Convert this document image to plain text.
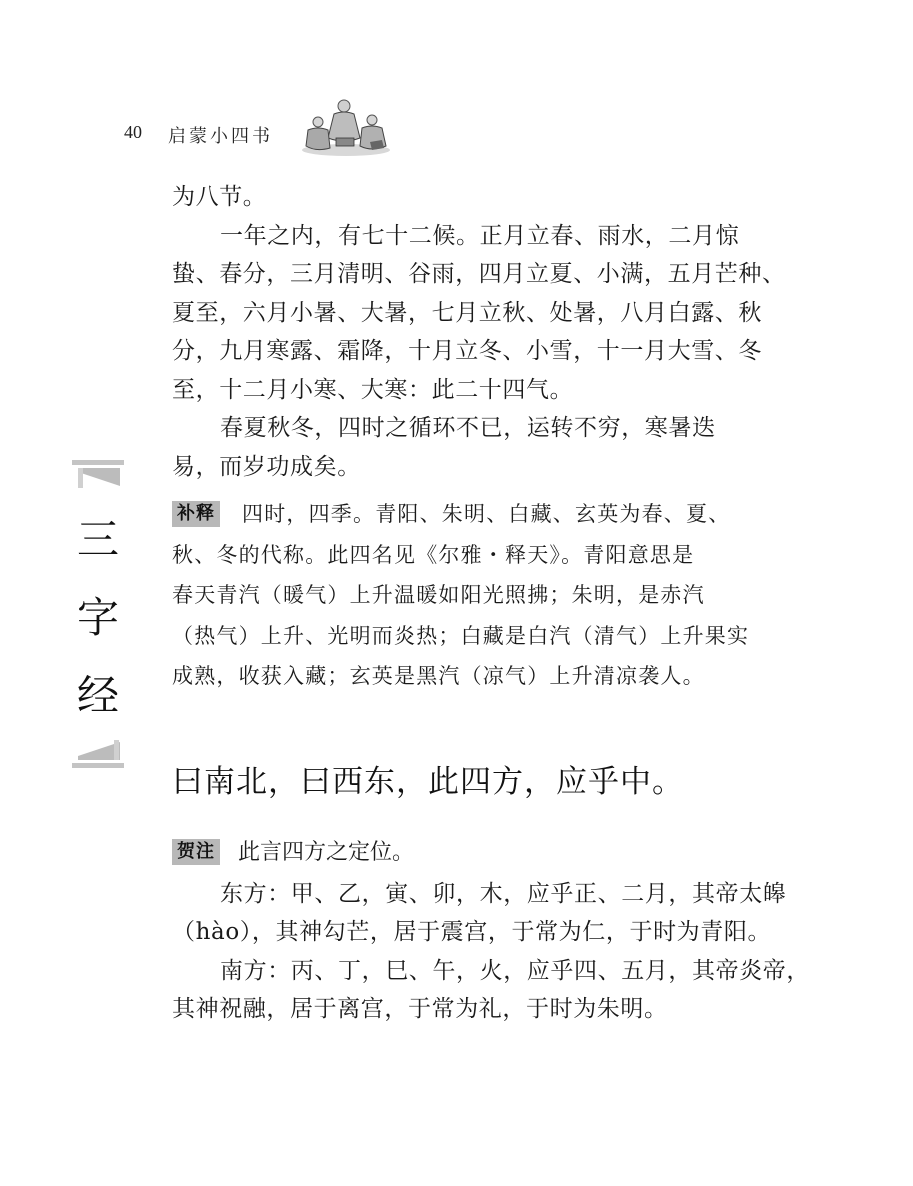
40 启蒙小四书
三
字
经
为八节。
一年之内，有七十二候。正月立春、雨水，二月惊
蛰、春分，三月清明、谷雨，四月立夏、小满，五月芒种、
夏至，六月小暑、大暑，七月立秋、处暑，八月白露、秋
分，九月寒露、霜降，十月立冬、小雪，十一月大雪、冬
至，十二月小寒、大寒：此二十四气。
春夏秋冬，四时之循环不已，运转不穷，寒暑迭
易，而岁功成矣。
补释 四时，四季。青阳、朱明、白藏、玄英为春、夏、
秋、冬的代称。此四名见《尔雅・释天》。青阳意思是
春天青汽（暖气）上升温暖如阳光照拂；朱明，是赤汽
（热气）上升、光明而炎热；白藏是白汽（清气）上升果实
成熟，收获入藏；玄英是黑汽（凉气）上升清凉袭人。
曰南北，曰西东，此四方，应乎中。
贺注 此言四方之定位。
东方：甲、乙，寅、卯，木，应乎正、二月，其帝太皞
（hào），其神勾芒，居于震宫，于常为仁，于时为青阳。
南方：丙、丁，巳、午，火，应乎四、五月，其帝炎帝，
其神祝融，居于离宫，于常为礼，于时为朱明。
